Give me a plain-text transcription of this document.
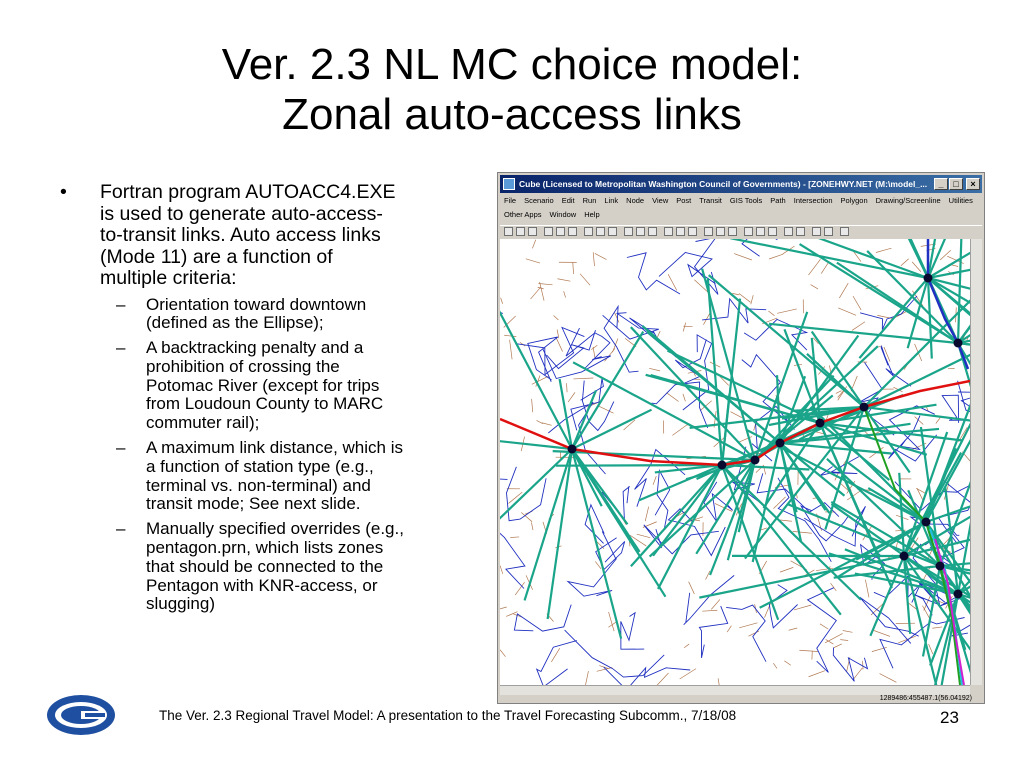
Ver. 2.3 NL MC choice model:
Zonal auto-access links
• Fortran program AUTOACC4.EXE
is used to generate auto-access-
to-transit links. Auto access links
(Mode 11) are a function of
multiple criteria:
– Orientation toward downtown
(defined as the Ellipse);
– A backtracking penalty and a
prohibition of crossing the
Potomac River (except for trips
from Loudoun County to MARC
commuter rail);
– A maximum link distance, which is
a function of station type (e.g.,
terminal vs. non-terminal) and
transit mode; See next slide.
– Manually specified overrides (e.g.,
pentagon.prn, which lists zones
that should be connected to the
Pentagon with KNR-access, or
slugging)
Cube (Licensed to Metropolitan Washington Council of Governments) - [ZONEHWY.NET (M:\model_...	_	□	×
File Scenario Edit Run Link Node View Post Transit GIS Tools Path Intersection Polygon Drawing/Screenline Utilities
Other Apps Window Help
1289486:455487.1(56.04192)
The Ver. 2.3 Regional Travel Model: A presentation to the Travel Forecasting Subcomm., 7/18/08	23
